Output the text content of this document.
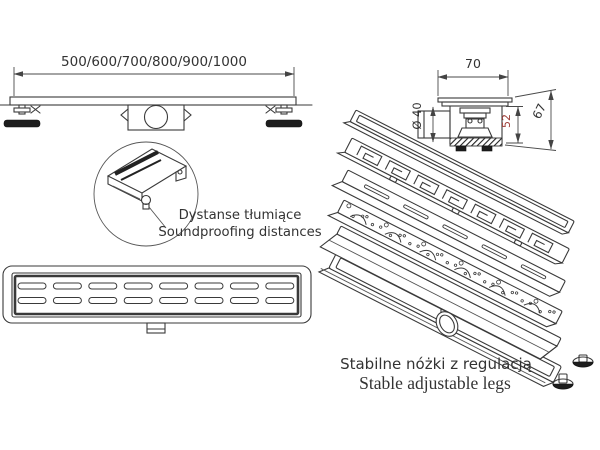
Stabilne nóżki z regulacją
Stable adjustable legs
500/600/700/800/900/1000
Dystanse tłumiące
Soundproofing distances
70
Ø 40	52 67
